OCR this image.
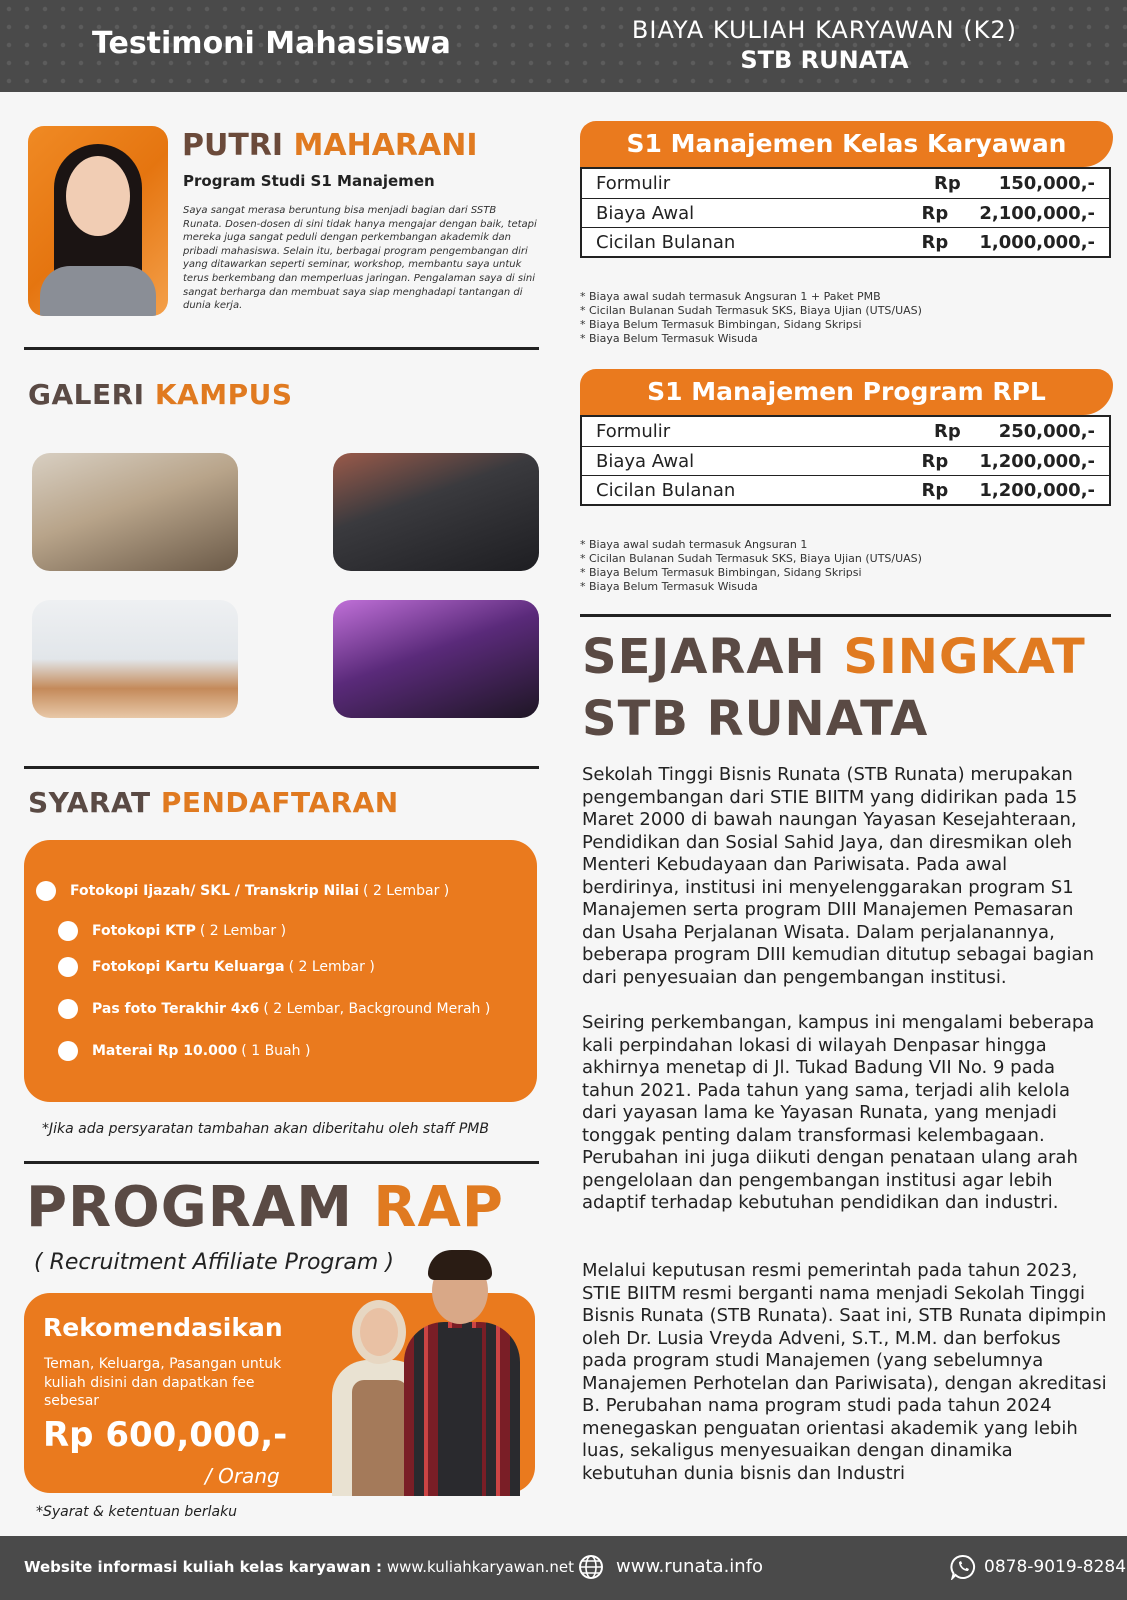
Testimoni Mahasiswa	BIAYA KULIAH KARYAWAN (K2)
STB RUNATA
PUTRI MAHARANI
Program Studi S1 Manajemen
Saya sangat merasa beruntung bisa menjadi bagian dari SSTB Runata. Dosen-dosen di sini tidak hanya mengajar dengan baik, tetapi mereka juga sangat peduli dengan perkembangan akademik dan pribadi mahasiswa. Selain itu, berbagai program pengembangan diri yang ditawarkan seperti seminar, workshop, membantu saya untuk terus berkembang dan memperluas jaringan. Pengalaman saya di sini sangat berharga dan membuat saya siap menghadapi tantangan di dunia kerja.
GALERI KAMPUS
SYARAT PENDAFTARAN
Fotokopi Ijazah/ SKL / Transkrip Nilai ( 2 Lembar )
Fotokopi KTP ( 2 Lembar )
Fotokopi Kartu Keluarga ( 2 Lembar )
Pas foto Terakhir 4x6 ( 2 Lembar, Background Merah )
Materai Rp 10.000 ( 1 Buah )
*Jika ada persyaratan tambahan akan diberitahu oleh staff PMB
PROGRAM RAP
( Recruitment Affiliate Program )
Rekomendasikan
Teman, Keluarga, Pasangan untuk kuliah disini dan dapatkan fee sebesar
Rp 600,000,-
/ Orang
*Syarat & ketentuan berlaku
S1 Manajemen Kelas Karyawan
Formulir	Rp	150,000,-
Biaya Awal	Rp	2,100,000,-
Cicilan Bulanan	Rp	1,000,000,-
* Biaya awal sudah termasuk Angsuran 1 + Paket PMB
* Cicilan Bulanan Sudah Termasuk SKS, Biaya Ujian (UTS/UAS)
* Biaya Belum Termasuk Bimbingan, Sidang Skripsi
* Biaya Belum Termasuk Wisuda
S1 Manajemen Program RPL
Formulir	Rp	250,000,-
Biaya Awal	Rp	1,200,000,-
Cicilan Bulanan	Rp	1,200,000,-
* Biaya awal sudah termasuk Angsuran 1
* Cicilan Bulanan Sudah Termasuk SKS, Biaya Ujian (UTS/UAS)
* Biaya Belum Termasuk Bimbingan, Sidang Skripsi
* Biaya Belum Termasuk Wisuda
SEJARAH SINGKAT
STB RUNATA
Sekolah Tinggi Bisnis Runata (STB Runata) merupakan pengembangan dari STIE BIITM yang didirikan pada 15 Maret 2000 di bawah naungan Yayasan Kesejahteraan, Pendidikan dan Sosial Sahid Jaya, dan diresmikan oleh Menteri Kebudayaan dan Pariwisata. Pada awal berdirinya, institusi ini menyelenggarakan program S1 Manajemen serta program DIII Manajemen Pemasaran dan Usaha Perjalanan Wisata. Dalam perjalanannya, beberapa program DIII kemudian ditutup sebagai bagian dari penyesuaian dan pengembangan institusi.
Seiring perkembangan, kampus ini mengalami beberapa kali perpindahan lokasi di wilayah Denpasar hingga akhirnya menetap di Jl. Tukad Badung VII No. 9 pada tahun 2021. Pada tahun yang sama, terjadi alih kelola dari yayasan lama ke Yayasan Runata, yang menjadi tonggak penting dalam transformasi kelembagaan. Perubahan ini juga diikuti dengan penataan ulang arah pengelolaan dan pengembangan institusi agar lebih adaptif terhadap kebutuhan pendidikan dan industri.
Melalui keputusan resmi pemerintah pada tahun 2023, STIE BIITM resmi berganti nama menjadi Sekolah Tinggi Bisnis Runata (STB Runata). Saat ini, STB Runata dipimpin oleh Dr. Lusia Vreyda Adveni, S.T., M.M. dan berfokus pada program studi Manajemen (yang sebelumnya Manajemen Perhotelan dan Pariwisata), dengan akreditasi B. Perubahan nama program studi pada tahun 2024 menegaskan penguatan orientasi akademik yang lebih luas, sekaligus menyesuaikan dengan dinamika kebutuhan dunia bisnis dan Industri
Website informasi kuliah kelas karyawan : www.kuliahkaryawan.net www.runata.info	0878-9019-8284
